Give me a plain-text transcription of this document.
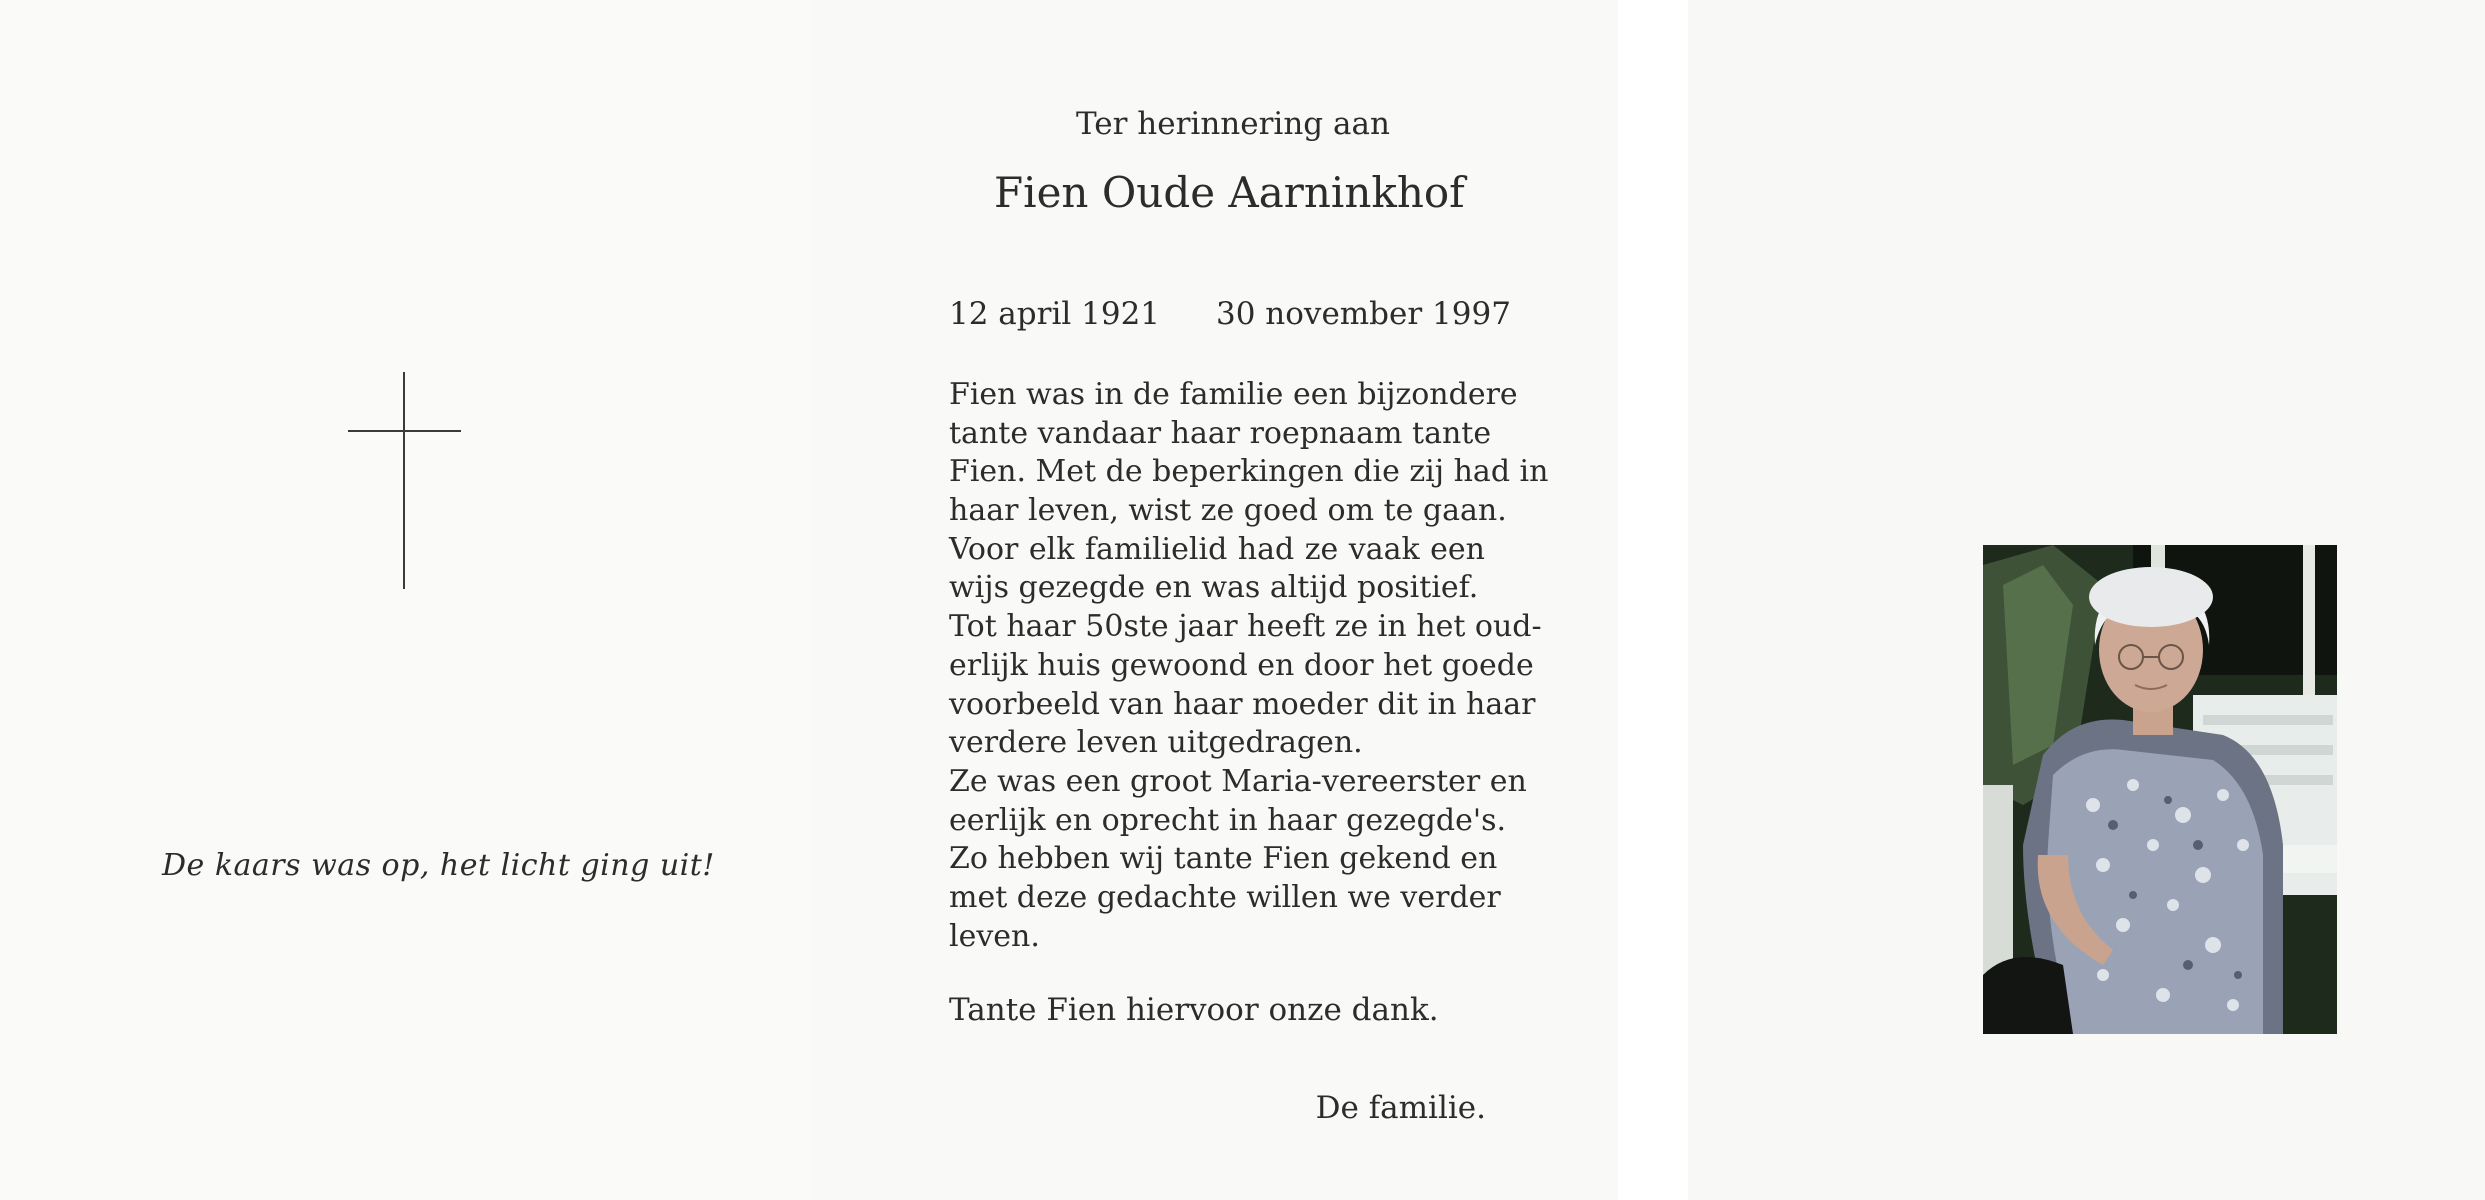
De kaars was op, het licht ging uit!
Ter herinnering aan
Fien Oude Aarninkhof
12 april 1921 30 november 1997
Fien was in de familie een bijzondere
tante vandaar haar roepnaam tante
Fien. Met de beperkingen die zij had in
haar leven, wist ze goed om te gaan.
Voor elk familielid had ze vaak een
wijs gezegde en was altijd positief.
Tot haar 50ste jaar heeft ze in het oud-
erlijk huis gewoond en door het goede
voorbeeld van haar moeder dit in haar
verdere leven uitgedragen.
Ze was een groot Maria-vereerster en
eerlijk en oprecht in haar gezegde's.
Zo hebben wij tante Fien gekend en
met deze gedachte willen we verder
leven.
Tante Fien hiervoor onze dank.
De familie.
